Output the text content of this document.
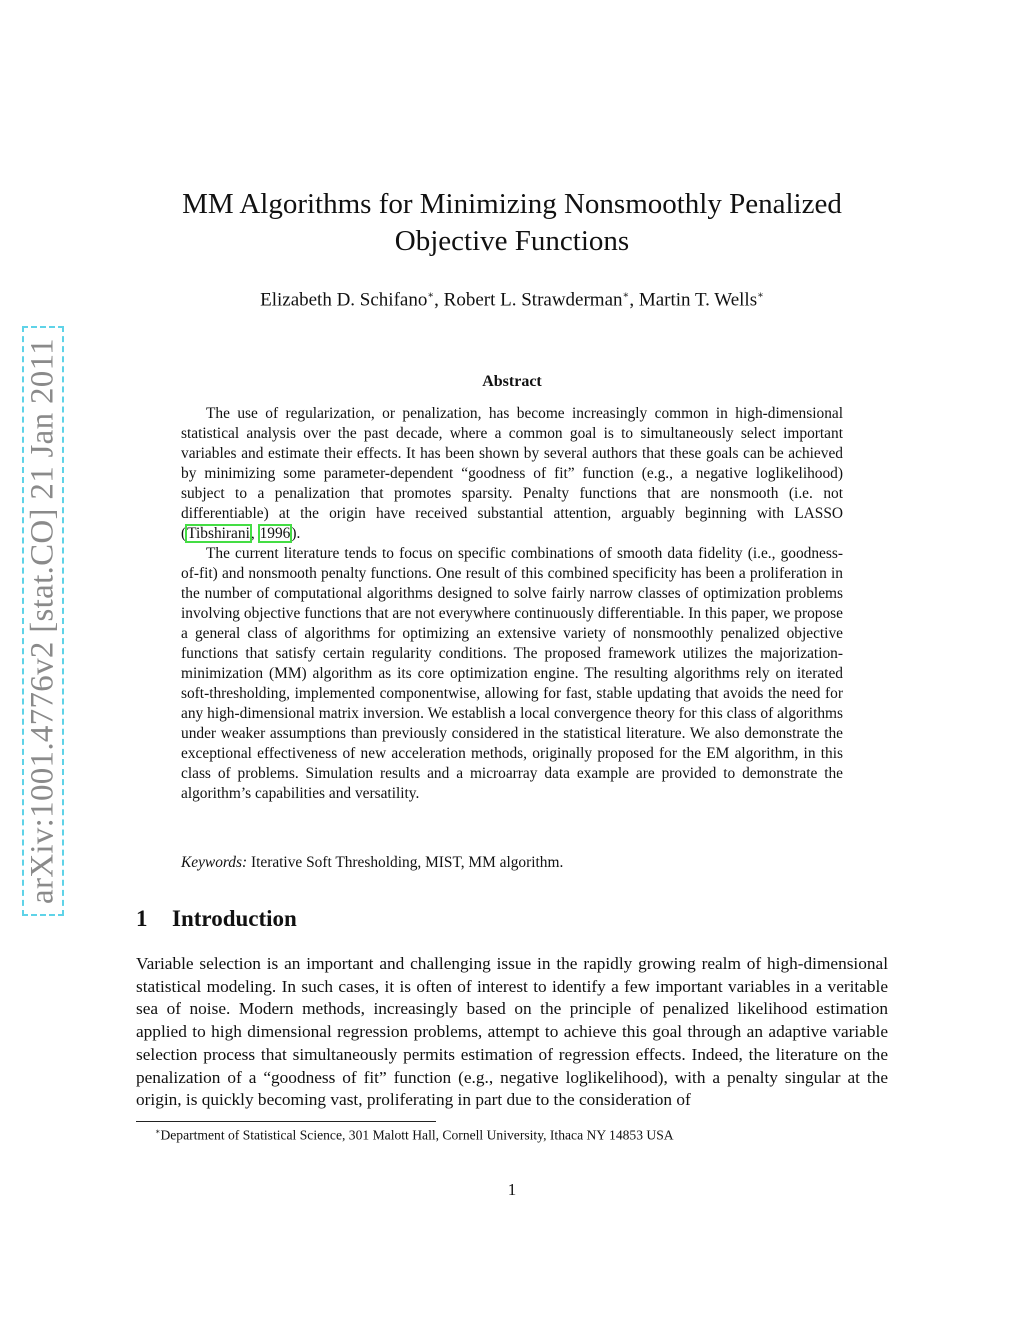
arXiv:1001.4776v2 [stat.CO] 21 Jan 2011
MM Algorithms for Minimizing Nonsmoothly Penalized
Objective Functions
Elizabeth D. Schifano∗, Robert L. Strawderman∗, Martin T. Wells∗
Abstract

The use of regularization, or penalization, has become increasingly common in high-dimensional statistical analysis over the past decade, where a common goal is to simultaneously select important variables and estimate their effects. It has been shown by several authors that these goals can be achieved by minimizing some parameter-dependent “goodness of fit” function (e.g., a negative loglikelihood) subject to a penalization that promotes sparsity. Penalty functions that are nonsmooth (i.e. not differentiable) at the origin have received substantial attention, arguably beginning with LASSO (Tibshirani, 1996).

The current literature tends to focus on specific combinations of smooth data fidelity (i.e., goodness-of-fit) and nonsmooth penalty functions. One result of this combined specificity has been a proliferation in the number of computational algorithms designed to solve fairly narrow classes of optimization problems involving objective functions that are not everywhere continuously differentiable. In this paper, we propose a general class of algorithms for optimizing an extensive variety of nonsmoothly penalized objective functions that satisfy certain regularity conditions. The proposed framework utilizes the majorization-minimization (MM) algorithm as its core optimization engine. The resulting algorithms rely on iterated soft-thresholding, implemented componentwise, allowing for fast, stable updating that avoids the need for any high-dimensional matrix inversion. We establish a local convergence theory for this class of algorithms under weaker assumptions than previously considered in the statistical literature. We also demonstrate the exceptional effectiveness of new acceleration methods, originally proposed for the EM algorithm, in this class of problems. Simulation results and a microarray data example are provided to demonstrate the algorithm’s capabilities and versatility.

Keywords: Iterative Soft Thresholding, MIST, MM algorithm.
1 Introduction

Variable selection is an important and challenging issue in the rapidly growing realm of high-dimensional statistical modeling. In such cases, it is often of interest to identify a few important variables in a veritable sea of noise. Modern methods, increasingly based on the principle of penalized likelihood estimation applied to high dimensional regression problems, attempt to achieve this goal through an adaptive variable selection process that simultaneously permits estimation of regression effects. Indeed, the literature on the penalization of a “goodness of fit” function (e.g., negative loglikelihood), with a penalty singular at the origin, is quickly becoming vast, proliferating in part due to the consideration of

∗Department of Statistical Science, 301 Malott Hall, Cornell University, Ithaca NY 14853 USA
1
